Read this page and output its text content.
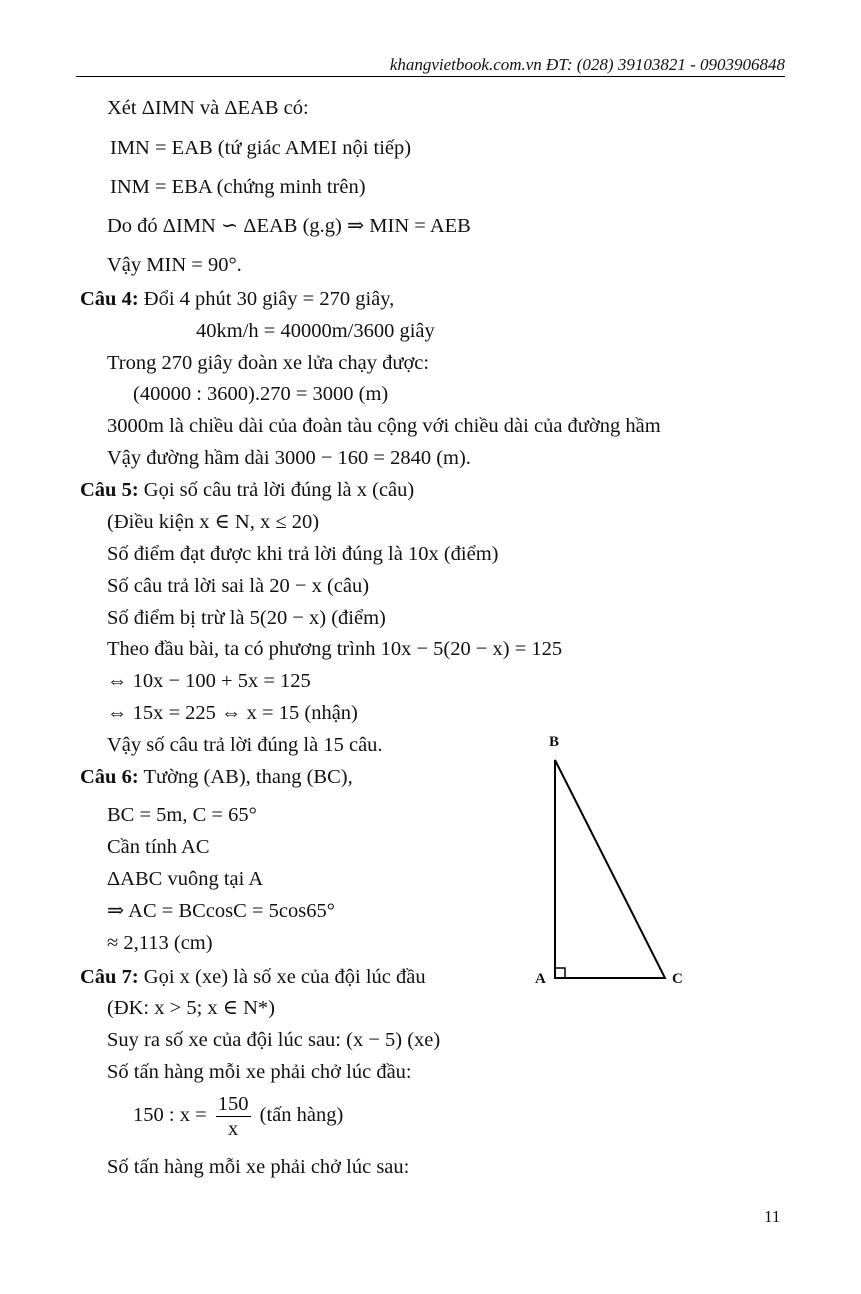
khangvietbook.com.vn ĐT: (028) 39103821 - 0903906848
Xét ΔIMN và ΔEAB có:
IMN = EAB (tứ giác AMEI nội tiếp)
INM = EBA (chứng minh trên)
Do đó ΔIMN ∽ ΔEAB (g.g) ⇒ MIN = AEB
Vậy MIN = 90°.
Câu 4: Đổi 4 phút 30 giây = 270 giây,
40km/h = 40000m/3600 giây
Trong 270 giây đoàn xe lửa chạy được:
(40000 : 3600).270 = 3000 (m)
3000m là chiều dài của đoàn tàu cộng với chiều dài của đường hầm
Vậy đường hầm dài 3000 − 160 = 2840 (m).
Câu 5: Gọi số câu trả lời đúng là x (câu)
(Điều kiện x ∈ N, x ≤ 20)
Số điểm đạt được khi trả lời đúng là 10x (điểm)
Số câu trả lời sai là 20 − x (câu)
Số điểm bị trừ là 5(20 − x) (điểm)
Theo đầu bài, ta có phương trình 10x − 5(20 − x) = 125
⇔ 10x − 100 + 5x = 125
⇔ 15x = 225 ⇔ x = 15 (nhận)
Vậy số câu trả lời đúng là 15 câu.
Câu 6: Tường (AB), thang (BC),
BC = 5m, C = 65°
Cần tính AC
ΔABC vuông tại A
⇒ AC = BCcosC = 5cos65°
≈ 2,113 (cm)
Câu 7: Gọi x (xe) là số xe của đội lúc đầu
(ĐK: x > 5; x ∈ N*)
Suy ra số xe của đội lúc sau: (x − 5) (xe)
Số tấn hàng mỗi xe phải chở lúc đầu:
150 : $x = \frac{150}{x}$ (tấn hàng)
Số tấn hàng mỗi xe phải chở lúc sau:
B
A	C
11
